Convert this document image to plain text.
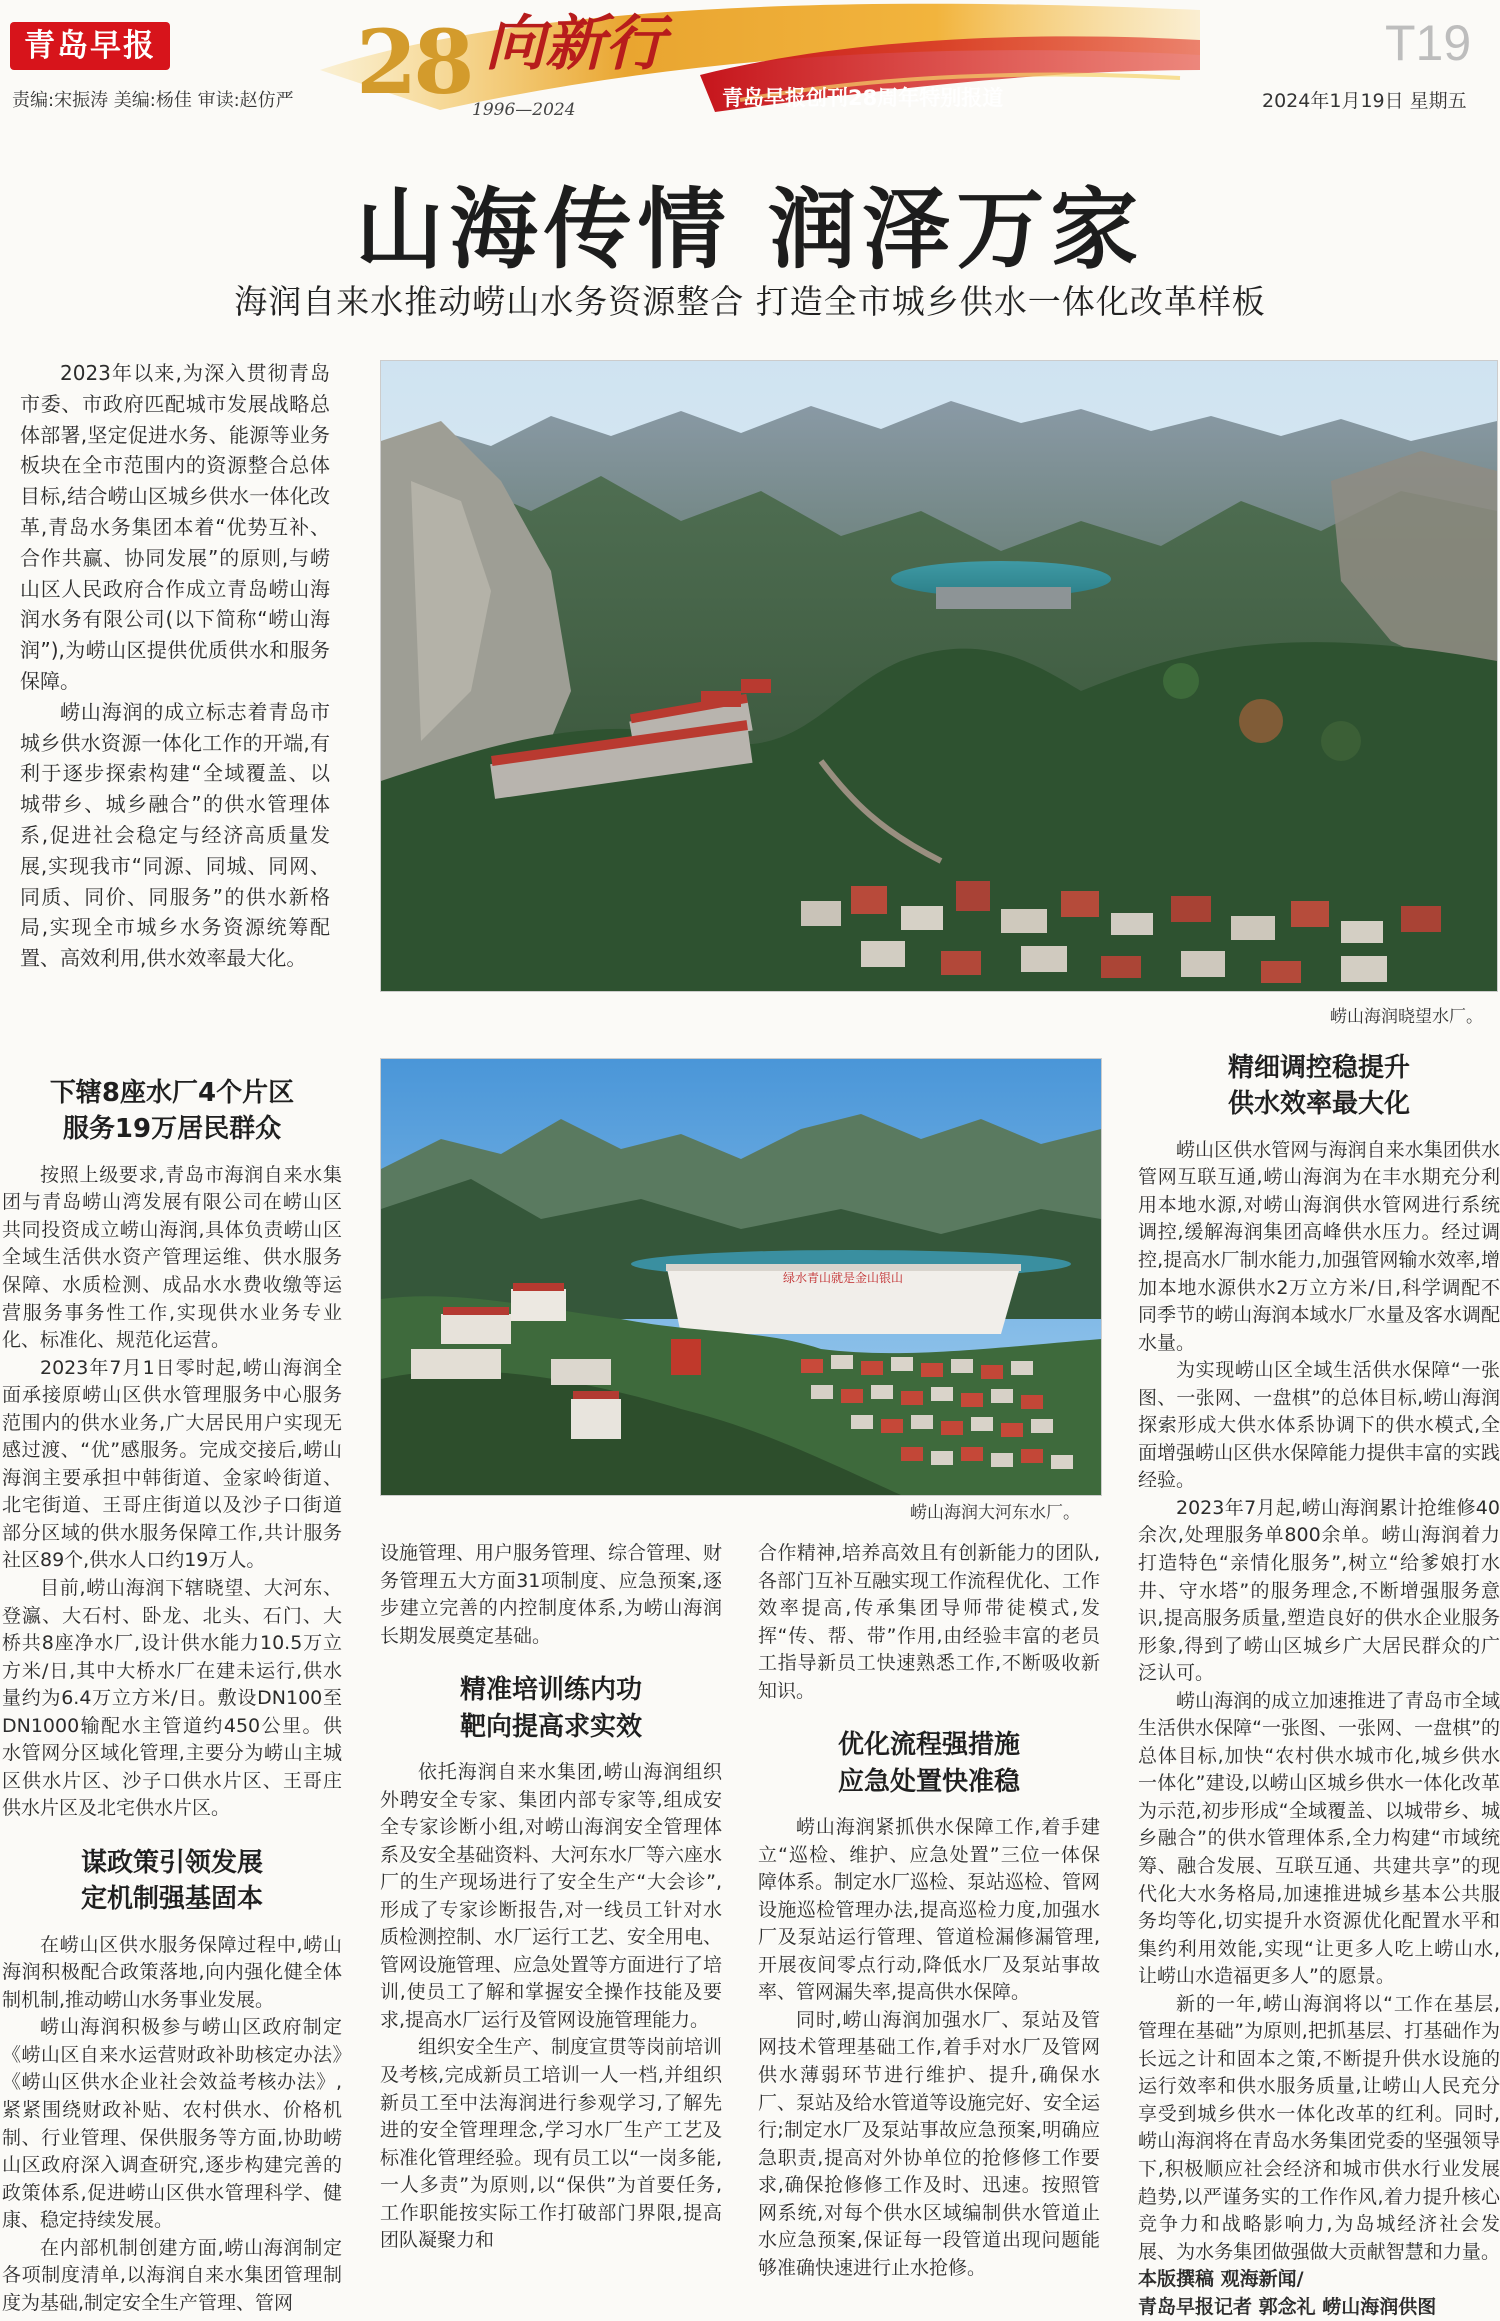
青岛早报
责编:宋振涛 美编:杨佳 审读:赵仿严 28 向新行
1996—2024	青岛早报创刊28周年特别报道
T19
2024年1月19日 星期五
山海传情 润泽万家
海润自来水推动崂山水务资源整合 打造全市城乡供水一体化改革样板

2023年以来,为深入贯彻青岛市委、市政府匹配城市发展战略总体部署,坚定促进水务、能源等业务板块在全市范围内的资源整合总体目标,结合崂山区城乡供水一体化改革,青岛水务集团本着“优势互补、合作共赢、协同发展”的原则,与崂山区人民政府合作成立青岛崂山海润水务有限公司(以下简称“崂山海润”),为崂山区提供优质供水和服务保障。

崂山海润的成立标志着青岛市城乡供水资源一体化工作的开端,有利于逐步探索构建“全域覆盖、以城带乡、城乡融合”的供水管理体系,促进社会稳定与经济高质量发展,实现我市“同源、同城、同网、同质、同价、同服务”的供水新格局,实现全市城乡水务资源统筹配置、高效利用,供水效率最大化。

崂山海润晓望水厂。
绿水青山就是金山银山
崂山海润大河东水厂。
下辖8座水厂4个片区
服务19万居民群众

按照上级要求,青岛市海润自来水集团与青岛崂山湾发展有限公司在崂山区共同投资成立崂山海润,具体负责崂山区全域生活供水资产管理运维、供水服务保障、水质检测、成品水水费收缴等运营服务事务性工作,实现供水业务专业化、标准化、规范化运营。

2023年7月1日零时起,崂山海润全面承接原崂山区供水管理服务中心服务范围内的供水业务,广大居民用户实现无感过渡、“优”感服务。完成交接后,崂山海润主要承担中韩街道、金家岭街道、北宅街道、王哥庄街道以及沙子口街道部分区域的供水服务保障工作,共计服务社区89个,供水人口约19万人。

目前,崂山海润下辖晓望、大河东、登瀛、大石村、卧龙、北头、石门、大桥共8座净水厂,设计供水能力10.5万立方米/日,其中大桥水厂在建未运行,供水量约为6.4万立方米/日。敷设DN100至DN1000输配水主管道约450公里。供水管网分区域化管理,主要分为崂山主城区供水片区、沙子口供水片区、王哥庄供水片区及北宅供水片区。

谋政策引领发展
定机制强基固本

在崂山区供水服务保障过程中,崂山海润积极配合政策落地,向内强化健全体制机制,推动崂山水务事业发展。

崂山海润积极参与崂山区政府制定《崂山区自来水运营财政补助核定办法》《崂山区供水企业社会效益考核办法》,紧紧围绕财政补贴、农村供水、价格机制、行业管理、保供服务等方面,协助崂山区政府深入调查研究,逐步构建完善的政策体系,促进崂山区供水管理科学、健康、稳定持续发展。

在内部机制创建方面,崂山海润制定各项制度清单,以海润自来水集团管理制度为基础,制定安全生产管理、管网

设施管理、用户服务管理、综合管理、财务管理五大方面31项制度、应急预案,逐步建立完善的内控制度体系,为崂山海润长期发展奠定基础。

精准培训练内功
靶向提高求实效

依托海润自来水集团,崂山海润组织外聘安全专家、集团内部专家等,组成安全专家诊断小组,对崂山海润安全管理体系及安全基础资料、大河东水厂等六座水厂的生产现场进行了安全生产“大会诊”,形成了专家诊断报告,对一线员工针对水质检测控制、水厂运行工艺、安全用电、管网设施管理、应急处置等方面进行了培训,使员工了解和掌握安全操作技能及要求,提高水厂运行及管网设施管理能力。

组织安全生产、制度宣贯等岗前培训及考核,完成新员工培训一人一档,并组织新员工至中法海润进行参观学习,了解先进的安全管理理念,学习水厂生产工艺及标准化管理经验。现有员工以“一岗多能,一人多责”为原则,以“保供”为首要任务,工作职能按实际工作打破部门界限,提高团队凝聚力和

合作精神,培养高效且有创新能力的团队,各部门互补互融实现工作流程优化、工作效率提高,传承集团导师带徒模式,发挥“传、帮、带”作用,由经验丰富的老员工指导新员工快速熟悉工作,不断吸收新知识。

优化流程强措施
应急处置快准稳

崂山海润紧抓供水保障工作,着手建立“巡检、维护、应急处置”三位一体保障体系。制定水厂巡检、泵站巡检、管网设施巡检管理办法,提高巡检力度,加强水厂及泵站运行管理、管道检漏修漏管理,开展夜间零点行动,降低水厂及泵站事故率、管网漏失率,提高供水保障。

同时,崂山海润加强水厂、泵站及管网技术管理基础工作,着手对水厂及管网供水薄弱环节进行维护、提升,确保水厂、泵站及给水管道等设施完好、安全运行;制定水厂及泵站事故应急预案,明确应急职责,提高对外协单位的抢修修工作要求,确保抢修修工作及时、迅速。按照管网系统,对每个供水区域编制供水管道止水应急预案,保证每一段管道出现问题能够准确快速进行止水抢修。

精细调控稳提升
供水效率最大化

崂山区供水管网与海润自来水集团供水管网互联互通,崂山海润为在丰水期充分利用本地水源,对崂山海润供水管网进行系统调控,缓解海润集团高峰供水压力。经过调控,提高水厂制水能力,加强管网输水效率,增加本地水源供水2万立方米/日,科学调配不同季节的崂山海润本域水厂水量及客水调配水量。

为实现崂山区全域生活供水保障“一张图、一张网、一盘棋”的总体目标,崂山海润探索形成大供水体系协调下的供水模式,全面增强崂山区供水保障能力提供丰富的实践经验。

2023年7月起,崂山海润累计抢维修40余次,处理服务单800余单。崂山海润着力打造特色“亲情化服务”,树立“给爹娘打水井、守水塔”的服务理念,不断增强服务意识,提高服务质量,塑造良好的供水企业服务形象,得到了崂山区城乡广大居民群众的广泛认可。

崂山海润的成立加速推进了青岛市全域生活供水保障“一张图、一张网、一盘棋”的总体目标,加快“农村供水城市化,城乡供水一体化”建设,以崂山区城乡供水一体化改革为示范,初步形成“全域覆盖、以城带乡、城乡融合”的供水管理体系,全力构建“市域统筹、融合发展、互联互通、共建共享”的现代化大水务格局,加速推进城乡基本公共服务均等化,切实提升水资源优化配置水平和集约利用效能,实现“让更多人吃上崂山水,让崂山水造福更多人”的愿景。

新的一年,崂山海润将以“工作在基层,管理在基础”为原则,把抓基层、打基础作为长远之计和固本之策,不断提升供水设施的运行效率和供水服务质量,让崂山人民充分享受到城乡供水一体化改革的红利。同时,崂山海润将在青岛水务集团党委的坚强领导下,积极顺应社会经济和城市供水行业发展趋势,以严谨务实的工作作风,着力提升核心竞争力和战略影响力,为岛城经济社会发展、为水务集团做强做大贡献智慧和力量。本版撰稿 观海新闻/

青岛早报记者 郭念礼 崂山海润供图
